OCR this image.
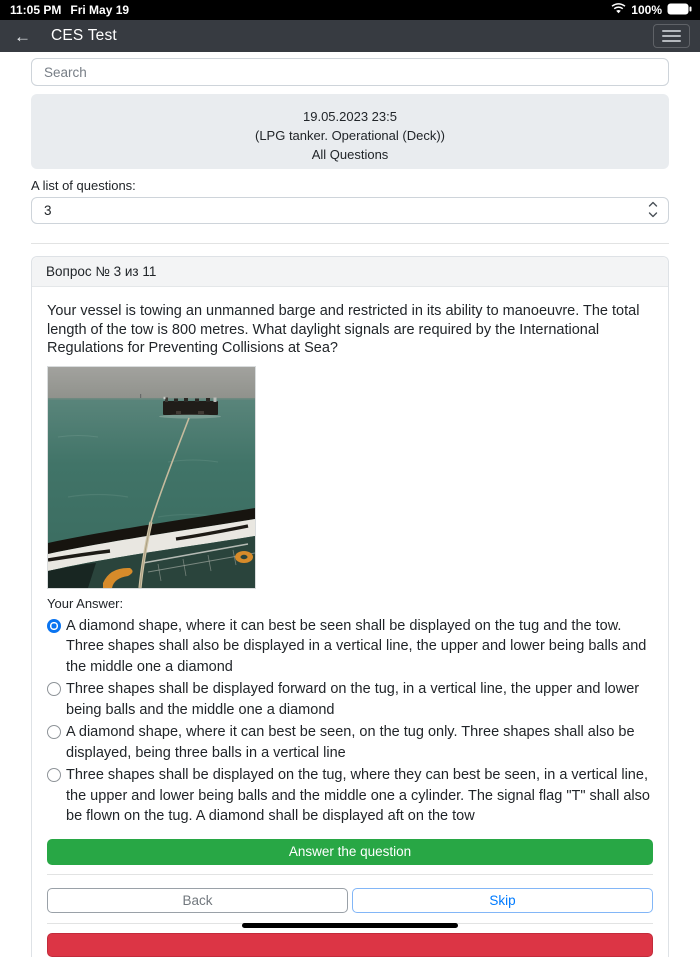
11:05 PM Fri May 19	100%
← CES Test
Search
19.05.2023 23:5
(LPG tanker. Operational (Deck))
All Questions
A list of questions:
3
Вопрос № 3 из 11
Your vessel is towing an unmanned barge and restricted in its ability to manoeuvre. The total length of the tow is 800 metres. What daylight signals are required by the International Regulations for Preventing Collisions at Sea?
Your Answer:
A diamond shape, where it can best be seen shall be displayed on the tug and the tow. Three shapes shall also be displayed in a vertical line, the upper and lower being balls and the middle one a diamond
Three shapes shall be displayed forward on the tug, in a vertical line, the upper and lower being balls and the middle one a diamond
A diamond shape, where it can best be seen, on the tug only. Three shapes shall also be displayed, being three balls in a vertical line
Three shapes shall be displayed on the tug, where they can best be seen, in a vertical line, the upper and lower being balls and the middle one a cylinder. The signal flag "T" shall also be flown on the tug. A diamond shall be displayed aft on the tow
Answer the question
Back	Skip
